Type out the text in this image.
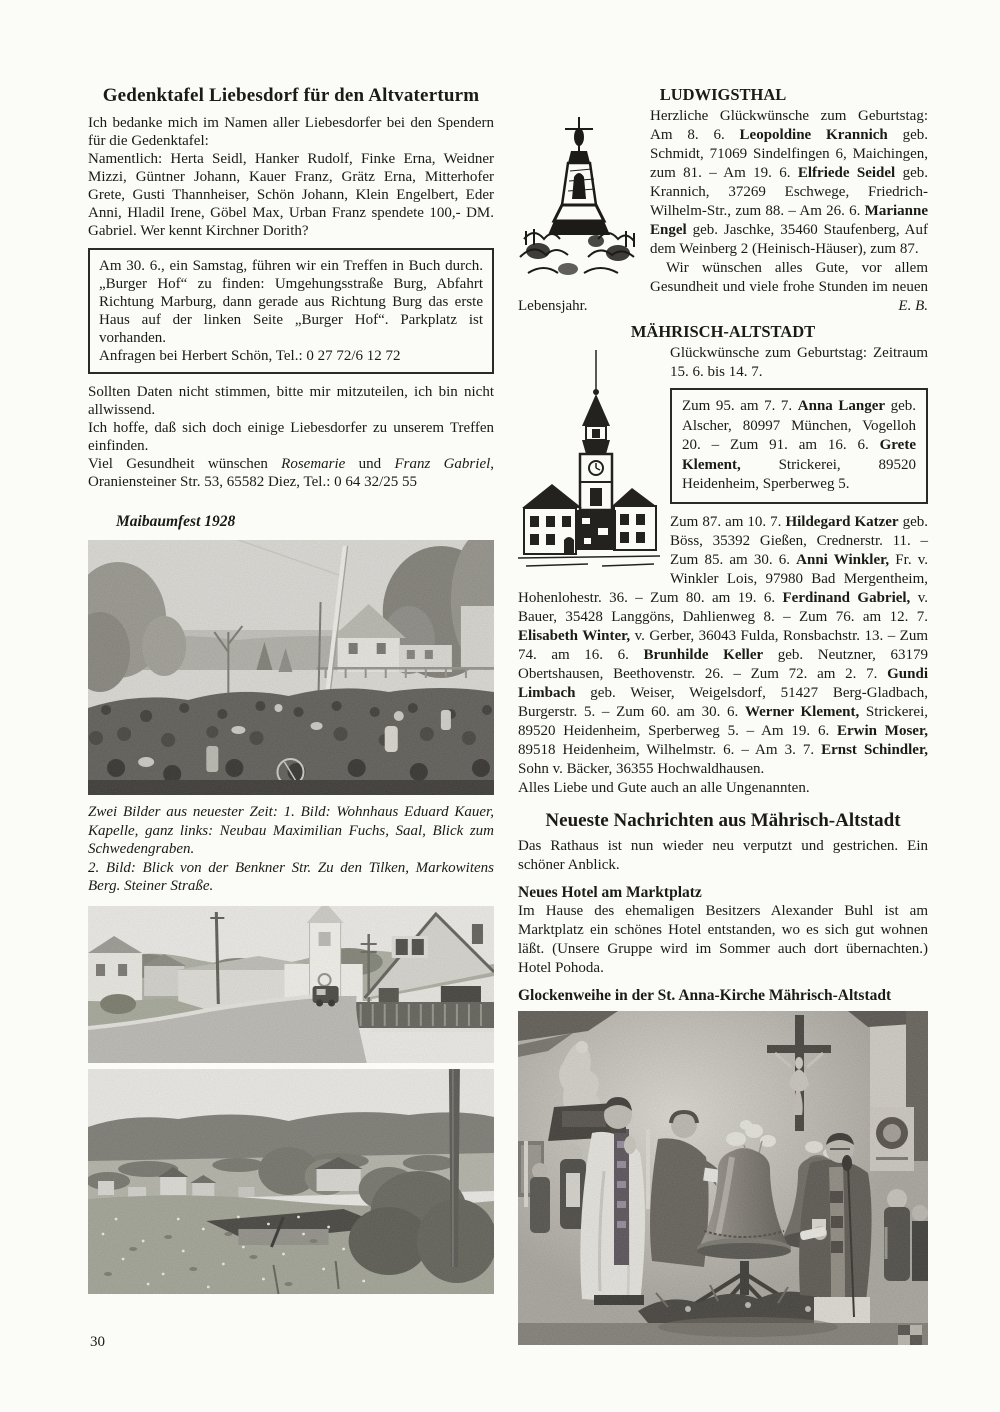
Gedenktafel Liebesdorf für den Altvaterturm

Ich bedanke mich im Namen aller Liebesdorfer bei den Spendern für die Gedenktafel:

Namentlich: Herta Seidl, Hanker Rudolf, Finke Erna, Weidner Mizzi, Güntner Johann, Kauer Franz, Grätz Erna, Mitterhofer Grete, Gusti Thannheiser, Schön Johann, Klein Engelbert, Eder Anni, Hladil Irene, Göbel Max, Urban Franz spendete 100,- DM. Gabriel. Wer kennt Kirchner Dorith?

Am 30. 6., ein Samstag, führen wir ein Treffen in Buch durch. „Burger Hof“ zu finden: Umgehungsstraße Burg, Abfahrt Richtung Marburg, dann gerade aus Richtung Burg das erste Haus auf der linken Seite „Burger Hof“. Parkplatz ist vorhanden.

Anfragen bei Herbert Schön, Tel.: 0 27 72/6 12 72

Sollten Daten nicht stimmen, bitte mir mitzuteilen, ich bin nicht allwissend.

Ich hoffe, daß sich doch einige Liebesdorfer zu unserem Treffen einfinden.

Viel Gesundheit wünschen Rosemarie und Franz Gabriel, Oraniensteiner Str. 53, 65582 Diez, Tel.: 0 64 32/25 55

Maibaumfest 1928

Zwei Bilder aus neuester Zeit: 1. Bild: Wohnhaus Eduard Kauer, Kapelle, ganz links: Neubau Maximilian Fuchs, Saal, Blick zum Schwedengraben.

2. Bild: Blick von der Benkner Str. Zu den Tilken, Markowitens Berg. Steiner Straße.

LUDWIGSTHAL

Herzliche Glückwünsche zum Geburtstag: Am 8. 6. Leopoldine Krannich geb. Schmidt, 71069 Sindelfingen 6, Maichingen, zum 81. – Am 19. 6. Elfriede Seidel geb. Krannich, 37269 Eschwege, Friedrich-Wilhelm-Str., zum 88. – Am 26. 6. Marianne Engel geb. Jaschke, 35460 Staufenberg, Auf dem Weinberg 2 (Heinisch-Häuser), zum 87.

Wir wünschen alles Gute, vor allem Gesundheit und viele frohe Stunden im neuen Lebensjahr.	E. B.

MÄHRISCH-ALTSTADT

Glückwünsche zum Geburtstag: Zeitraum 15. 6. bis 14. 7.

Zum 95. am 7. 7. Anna Langer geb. Alscher, 80997 München, Vogelloh 20. – Zum 91. am 16. 6. Grete Klement, Strickerei, 89520 Heidenheim, Sperberweg 5.

Zum 87. am 10. 7. Hildegard Katzer geb. Böss, 35392 Gießen, Crednerstr. 11. – Zum 85. am 30. 6. Anni Winkler, Fr. v. Winkler Lois, 97980 Bad Mergentheim, Hohenlohestr. 36. – Zum 80. am 19. 6. Ferdinand Gabriel, v. Bauer, 35428 Langgöns, Dahlienweg 8. – Zum 76. am 12. 7. Elisabeth Winter, v. Gerber, 36043 Fulda, Ronsbachstr. 13. – Zum 74. am 16. 6. Brunhilde Keller geb. Neutzner, 63179 Obertshausen, Beethovenstr. 26. – Zum 72. am 2. 7. Gundi Limbach geb. Weiser, Weigelsdorf, 51427 Berg-Gladbach, Burgerstr. 5. – Zum 60. am 30. 6. Werner Klement, Strickerei, 89520 Heidenheim, Sperberweg 5. – Am 19. 6. Erwin Moser, 89518 Heidenheim, Wilhelmstr. 6. – Am 3. 7. Ernst Schindler, Sohn v. Bäcker, 36355 Hochwaldhausen.

Alles Liebe und Gute auch an alle Ungenannten.

Neueste Nachrichten aus Mährisch-Altstadt

Das Rathaus ist nun wieder neu verputzt und gestrichen. Ein schöner Anblick.

Neues Hotel am Marktplatz

Im Hause des ehemaligen Besitzers Alexander Buhl ist am Marktplatz ein schönes Hotel entstanden, wo es sich gut wohnen läßt. (Unsere Gruppe wird im Sommer auch dort übernachten.) Hotel Pohoda.

Glockenweihe in der St. Anna-Kirche Mährisch-Altstadt

30
